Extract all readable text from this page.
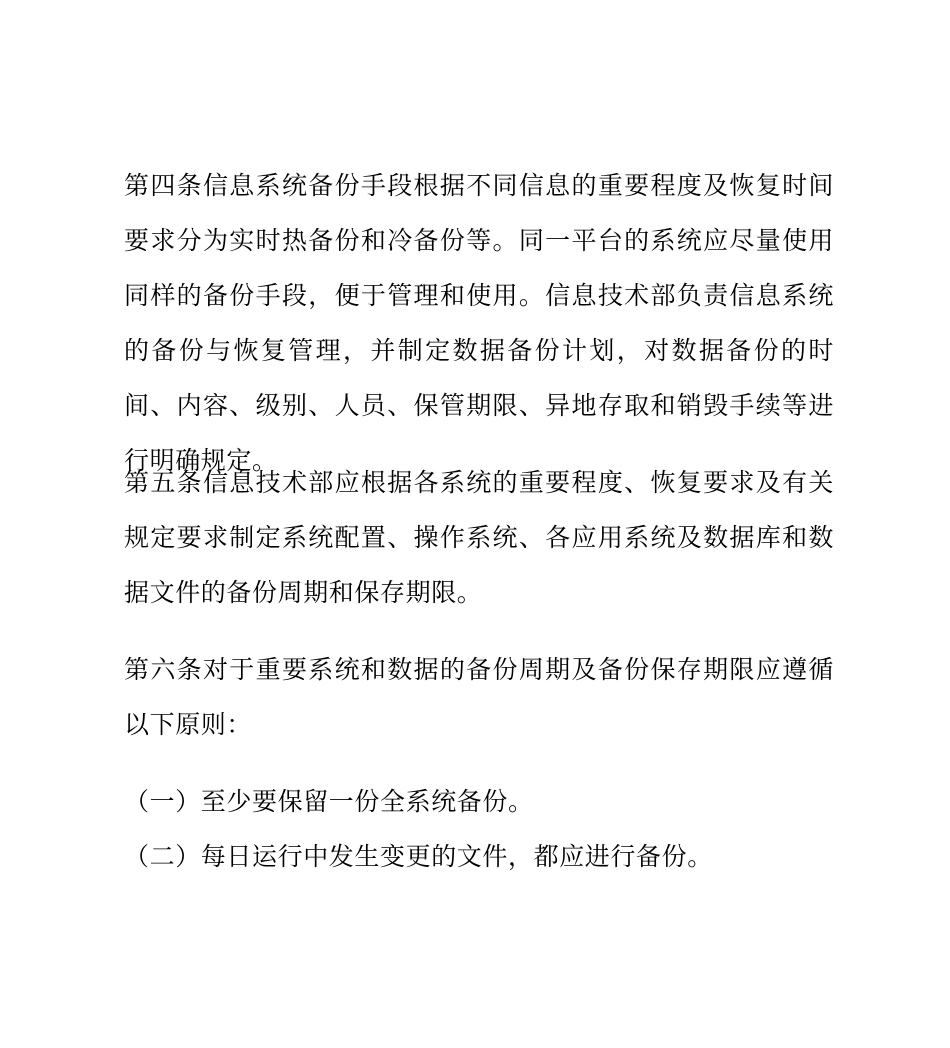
第四条信息系统备份手段根据不同信息的重要程度及恢复时间要求分为实时热备份和冷备份等。同一平台的系统应尽量使用同样的备份手段，便于管理和使用。信息技术部负责信息系统的备份与恢复管理，并制定数据备份计划，对数据备份的时间、内容、级别、人员、保管期限、异地存取和销毁手续等进行明确规定。

第五条信息技术部应根据各系统的重要程度、恢复要求及有关规定要求制定系统配置、操作系统、各应用系统及数据库和数据文件的备份周期和保存期限。

第六条对于重要系统和数据的备份周期及备份保存期限应遵循以下原则：

（一）至少要保留一份全系统备份。

（二）每日运行中发生变更的文件，都应进行备份。
